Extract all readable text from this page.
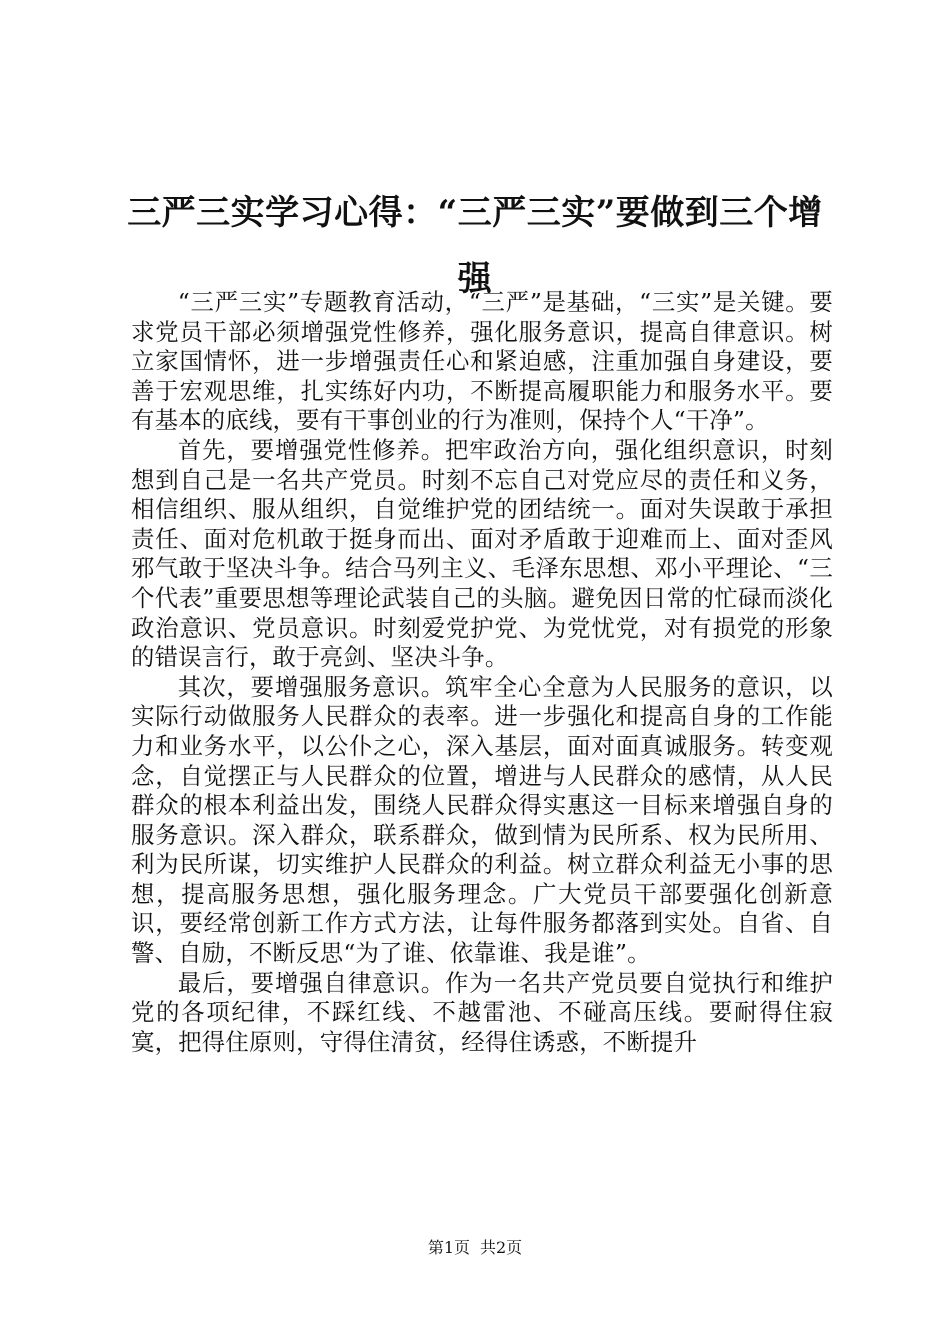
三严三实学习心得：“三严三实”要做到三个增强

“三严三实”专题教育活动，“三严”是基础，“三实”是关键。要求党员干部必须增强党性修养，强化服务意识，提高自律意识。树立家国情怀，进一步增强责任心和紧迫感，注重加强自身建设，要善于宏观思维，扎实练好内功，不断提高履职能力和服务水平。要有基本的底线，要有干事创业的行为准则，保持个人“干净”。

首先，要增强党性修养。把牢政治方向，强化组织意识，时刻想到自己是一名共产党员。时刻不忘自己对党应尽的责任和义务，相信组织、服从组织，自觉维护党的团结统一。面对失误敢于承担责任、面对危机敢于挺身而出、面对矛盾敢于迎难而上、面对歪风邪气敢于坚决斗争。结合马列主义、毛泽东思想、邓小平理论、“三个代表”重要思想等理论武装自己的头脑。避免因日常的忙碌而淡化政治意识、党员意识。时刻爱党护党、为党忧党，对有损党的形象的错误言行，敢于亮剑、坚决斗争。

其次，要增强服务意识。筑牢全心全意为人民服务的意识，以实际行动做服务人民群众的表率。进一步强化和提高自身的工作能力和业务水平，以公仆之心，深入基层，面对面真诚服务。转变观念，自觉摆正与人民群众的位置，增进与人民群众的感情，从人民群众的根本利益出发，围绕人民群众得实惠这一目标来增强自身的服务意识。深入群众，联系群众，做到情为民所系、权为民所用、利为民所谋，切实维护人民群众的利益。树立群众利益无小事的思想，提高服务思想，强化服务理念。广大党员干部要强化创新意识，要经常创新工作方式方法，让每件服务都落到实处。自省、自警、自励，不断反思“为了谁、依靠谁、我是谁”。

最后，要增强自律意识。作为一名共产党员要自觉执行和维护党的各项纪律，不踩红线、不越雷池、不碰高压线。要耐得住寂寞，把得住原则，守得住清贫，经得住诱惑，不断提升

第1页 共2页
